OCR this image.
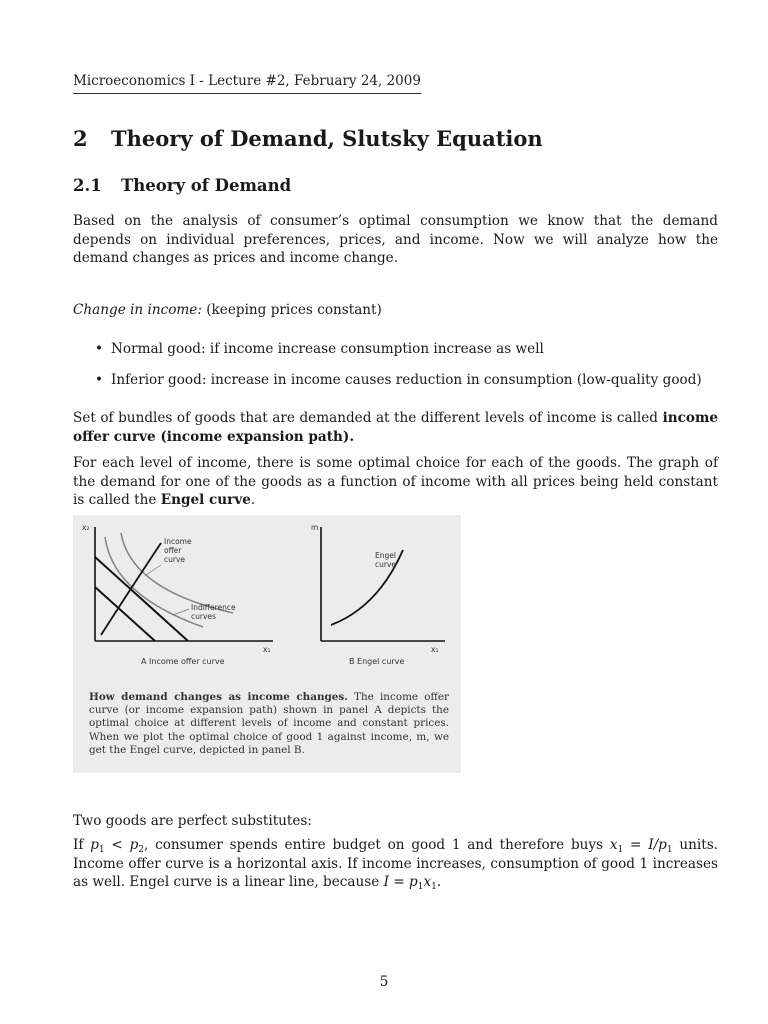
Microeconomics I - Lecture #2, February 24, 2009
2 Theory of Demand, Slutsky Equation
2.1 Theory of Demand
Based on the analysis of consumer’s optimal consumption we know that the demand depends on individual preferences, prices, and income. Now we will analyze how the demand changes as prices and income change.
Change in income: (keeping prices constant)
• Normal good: if income increase consumption increase as well
• Inferior good: increase in income causes reduction in consumption (low-quality good)
Set of bundles of goods that are demanded at the different levels of income is called income offer curve (income expansion path).
For each level of income, there is some optimal choice for each of the goods. The graph of the demand for one of the goods as a function of income with all prices being held constant is called the Engel curve.
x₂
x₁
Income
offer
curve
Indifference
curves
A Income offer curve
m
x₁
Engel
curve
B Engel curve
How demand changes as income changes. The income offer curve (or income expansion path) shown in panel A depicts the optimal choice at different levels of income and constant prices. When we plot the optimal choice of good 1 against income, m, we get the Engel curve, depicted in panel B.
Two goods are perfect substitutes:
If $p_1 < p_2$, consumer spends entire budget on good 1 and therefore buys $x_1 = I/p_1$ units. Income offer curve is a horizontal axis. If income increases, consumption of good 1 increases as well. Engel curve is a linear line, because $I = p_1x_1$.
5
